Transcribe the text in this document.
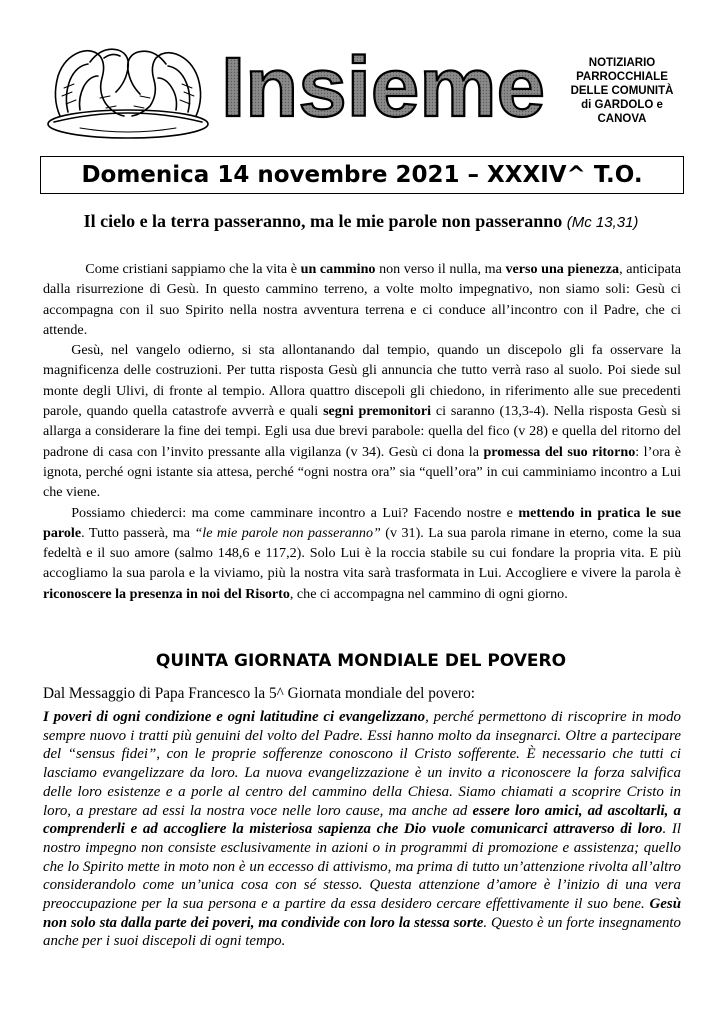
Insieme	NOTIZIARIO
PARROCCHIALE
DELLE COMUNITÀ
di GARDOLO e
CANOVA
Domenica 14 novembre 2021 – XXXIV^ T.O.
Il cielo e la terra passeranno, ma le mie parole non passeranno (Mc 13,31)

Come cristiani sappiamo che la vita è un cammino non verso il nulla, ma verso una pienezza, anticipata dalla risurrezione di Gesù. In questo cammino terreno, a volte molto impegnativo, non siamo soli: Gesù ci accompagna con il suo Spirito nella nostra avventura terrena e ci conduce all’incontro con il Padre, che ci attende.

Gesù, nel vangelo odierno, si sta allontanando dal tempio, quando un discepolo gli fa osservare la magnificenza delle costruzioni. Per tutta risposta Gesù gli annuncia che tutto verrà raso al suolo. Poi siede sul monte degli Ulivi, di fronte al tempio. Allora quattro discepoli gli chiedono, in riferimento alle sue precedenti parole, quando quella catastrofe avverrà e quali segni premonitori ci saranno (13,3-4). Nella risposta Gesù si allarga a considerare la fine dei tempi. Egli usa due brevi parabole: quella del fico (v 28) e quella del ritorno del padrone di casa con l’invito pressante alla vigilanza (v 34). Gesù ci dona la promessa del suo ritorno: l’ora è ignota, perché ogni istante sia attesa, perché “ogni nostra ora” sia “quell’ora” in cui camminiamo incontro a Lui che viene.

Possiamo chiederci: ma come camminare incontro a Lui? Facendo nostre e mettendo in pratica le sue parole. Tutto passerà, ma “le mie parole non passeranno” (v 31). La sua parola rimane in eterno, come la sua fedeltà e il suo amore (salmo 148,6 e 117,2). Solo Lui è la roccia stabile su cui fondare la propria vita. E più accogliamo la sua parola e la viviamo, più la nostra vita sarà trasformata in Lui. Accogliere e vivere la parola è riconoscere la presenza in noi del Risorto, che ci accompagna nel cammino di ogni giorno.

QUINTA GIORNATA MONDIALE DEL POVERO
Dal Messaggio di Papa Francesco la 5^ Giornata mondiale del povero:
I poveri di ogni condizione e ogni latitudine ci evangelizzano, perché permettono di riscoprire in modo sempre nuovo i tratti più genuini del volto del Padre. Essi hanno molto da insegnarci. Oltre a partecipare del “sensus fidei”, con le proprie sofferenze conoscono il Cristo sofferente. È necessario che tutti ci lasciamo evangelizzare da loro. La nuova evangelizzazione è un invito a riconoscere la forza salvifica delle loro esistenze e a porle al centro del cammino della Chiesa. Siamo chiamati a scoprire Cristo in loro, a prestare ad essi la nostra voce nelle loro cause, ma anche ad essere loro amici, ad ascoltarli, a comprenderli e ad accogliere la misteriosa sapienza che Dio vuole comunicarci attraverso di loro. Il nostro impegno non consiste esclusivamente in azioni o in programmi di promozione e assistenza; quello che lo Spirito mette in moto non è un eccesso di attivismo, ma prima di tutto un’attenzione rivolta all’altro considerandolo come un’unica cosa con sé stesso. Questa attenzione d’amore è l’inizio di una vera preoccupazione per la sua persona e a partire da essa desidero cercare effettivamente il suo bene. Gesù non solo sta dalla parte dei poveri, ma condivide con loro la stessa sorte. Questo è un forte insegnamento anche per i suoi discepoli di ogni tempo.
